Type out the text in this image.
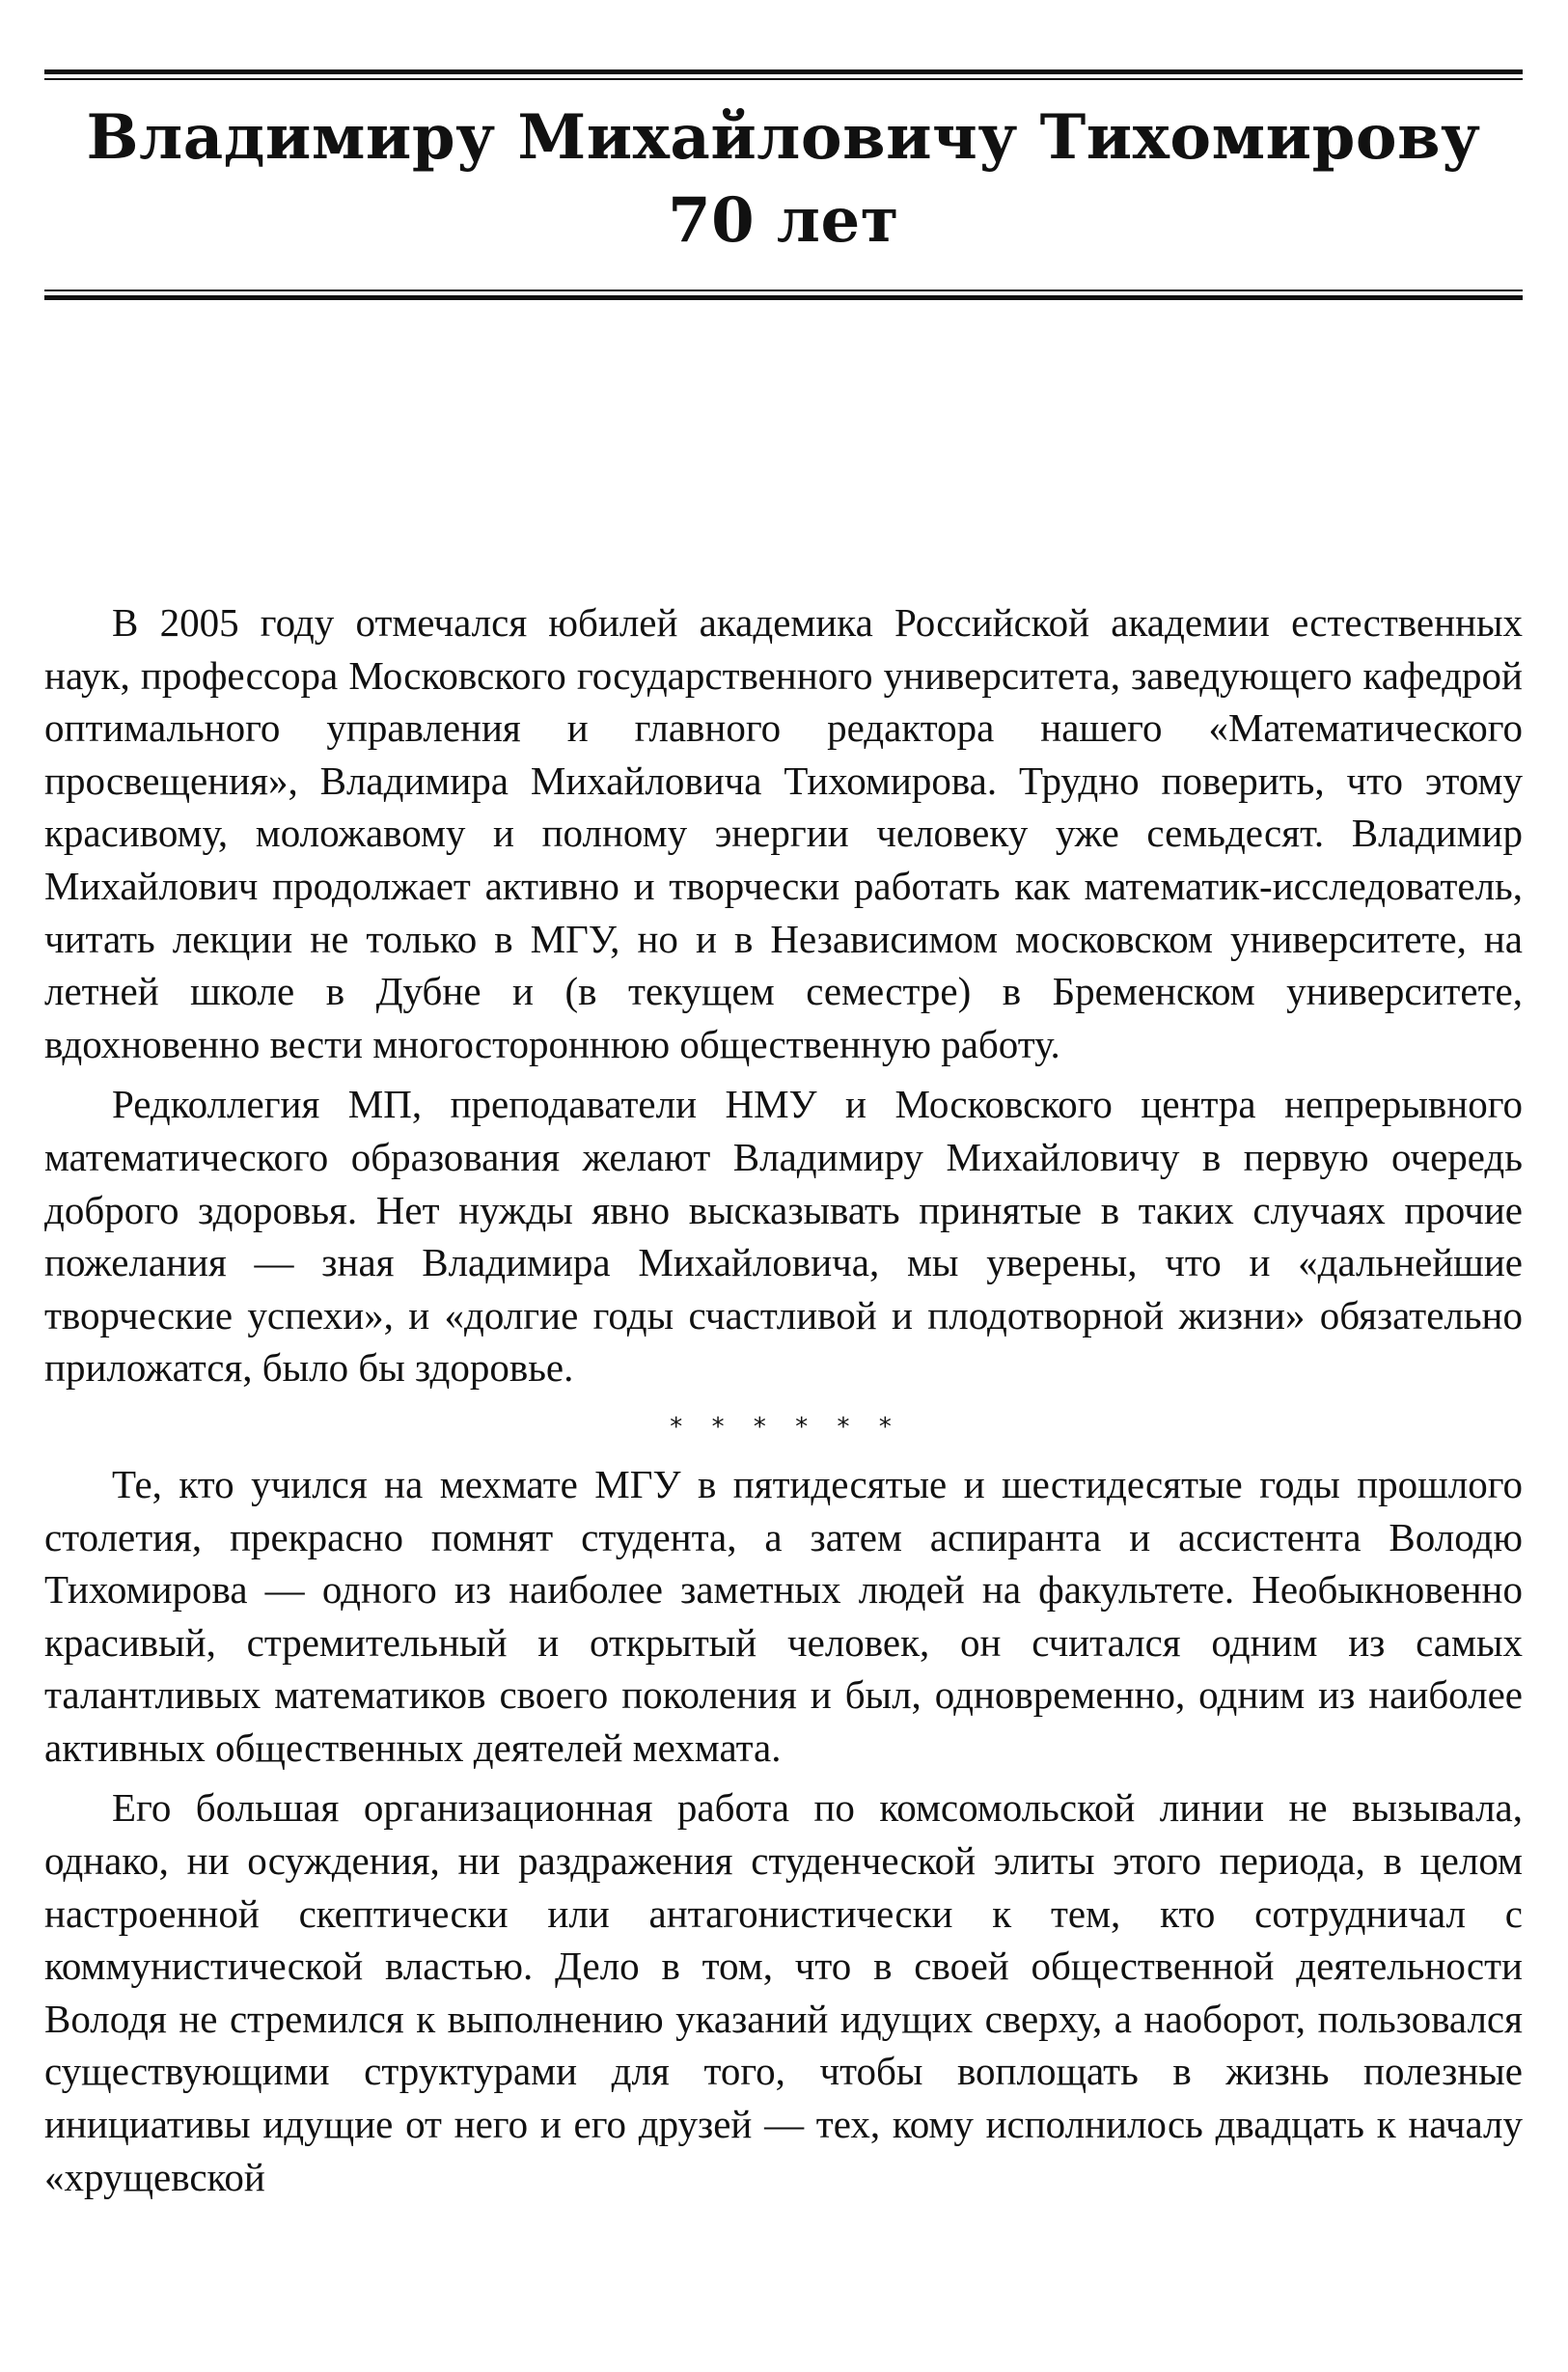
Владимиру Михайловичу Тихомирову
70 лет

В 2005 году отмечался юбилей академика Российской академии естественных наук, профессора Московского государственного университета, заведующего кафедрой оптимального управления и главного редактора нашего «Математического просвещения», Владимира Михайловича Тихомирова. Трудно поверить, что этому красивому, моложавому и полному энергии человеку уже семьдесят. Владимир Михайлович продолжает активно и творчески работать как математик-исследователь, читать лекции не только в МГУ, но и в Независимом московском университете, на летней школе в Дубне и (в текущем семестре) в Бременском университете, вдохновенно вести многостороннюю общественную работу.

Редколлегия МП, преподаватели НМУ и Московского центра непрерывного математического образования желают Владимиру Михайловичу в первую очередь доброго здоровья. Нет нужды явно высказывать принятые в таких случаях прочие пожелания — зная Владимира Михайловича, мы уверены, что и «дальнейшие творческие успехи», и «долгие годы счастливой и плодотворной жизни» обязательно приложатся, было бы здоровье.

* * * * * *

Те, кто учился на мехмате МГУ в пятидесятые и шестидесятые годы прошлого столетия, прекрасно помнят студента, а затем аспиранта и ассистента Володю Тихомирова — одного из наиболее заметных людей на факультете. Необыкновенно красивый, стремительный и открытый человек, он считался одним из самых талантливых математиков своего поколения и был, одновременно, одним из наиболее активных общественных деятелей мехмата.

Его большая организационная работа по комсомольской линии не вызывала, однако, ни осуждения, ни раздражения студенческой элиты этого периода, в целом настроенной скептически или антагонистически к тем, кто сотрудничал с коммунистической властью. Дело в том, что в своей общественной деятельности Володя не стремился к выполнению указаний идущих сверху, а наоборот, пользовался существующими структурами для того, чтобы воплощать в жизнь полезные инициативы идущие от него и его друзей — тех, кому исполнилось двадцать к началу «хрущевской
